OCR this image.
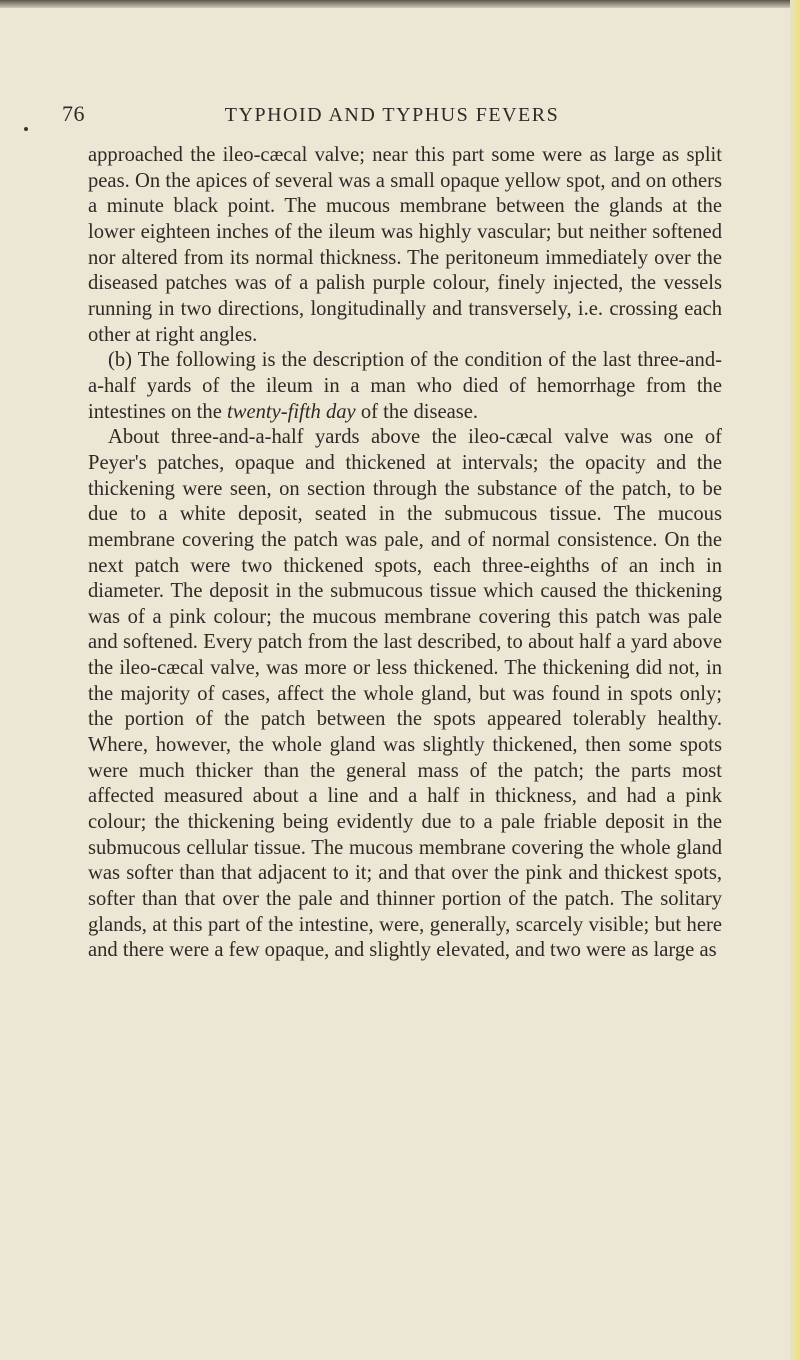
76	TYPHOID AND TYPHUS FEVERS

approached the ileo-cæcal valve; near this part some were as large as split peas. On the apices of several was a small opaque yellow spot, and on others a minute black point. The mucous membrane between the glands at the lower eighteen inches of the ileum was highly vascular; but neither softened nor altered from its normal thickness. The peritoneum immediately over the diseased patches was of a palish purple colour, finely injected, the vessels running in two directions, longitudinally and transversely, i.e. crossing each other at right angles.

(b) The following is the description of the condition of the last three-and-a-half yards of the ileum in a man who died of hemorrhage from the intestines on the twenty-fifth day of the disease.

About three-and-a-half yards above the ileo-cæcal valve was one of Peyer's patches, opaque and thickened at intervals; the opacity and the thickening were seen, on section through the substance of the patch, to be due to a white deposit, seated in the submucous tissue. The mucous membrane covering the patch was pale, and of normal consistence. On the next patch were two thickened spots, each three-eighths of an inch in diameter. The deposit in the submucous tissue which caused the thickening was of a pink colour; the mucous membrane covering this patch was pale and softened. Every patch from the last described, to about half a yard above the ileo-cæcal valve, was more or less thickened. The thickening did not, in the majority of cases, affect the whole gland, but was found in spots only; the portion of the patch between the spots appeared tolerably healthy. Where, however, the whole gland was slightly thickened, then some spots were much thicker than the general mass of the patch; the parts most affected measured about a line and a half in thickness, and had a pink colour; the thickening being evidently due to a pale friable deposit in the submucous cellular tissue. The mucous membrane covering the whole gland was softer than that adjacent to it; and that over the pink and thickest spots, softer than that over the pale and thinner portion of the patch. The solitary glands, at this part of the intestine, were, generally, scarcely visible; but here and there were a few opaque, and slightly elevated, and two were as large as
